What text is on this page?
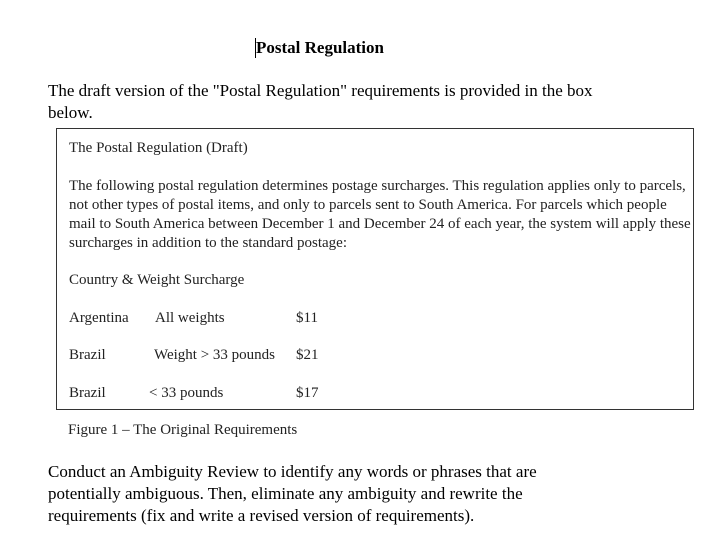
Postal Regulation
The draft version of the "Postal Regulation" requirements is provided in the box below.
The Postal Regulation (Draft)
The following postal regulation determines postage surcharges. This regulation applies only to parcels, not other types of postal items, and only to parcels sent to South America. For parcels which people mail to South America between December 1 and December 24 of each year, the system will apply these surcharges in addition to the standard postage:
Country & Weight Surcharge
Argentina All weights	$11
Brazil	Weight > 33 pounds $21
Brazil	< 33 pounds	$17
Figure 1 – The Original Requirements
Conduct an Ambiguity Review to identify any words or phrases that are potentially ambiguous. Then, eliminate any ambiguity and rewrite the requirements (fix and write a revised version of requirements).
